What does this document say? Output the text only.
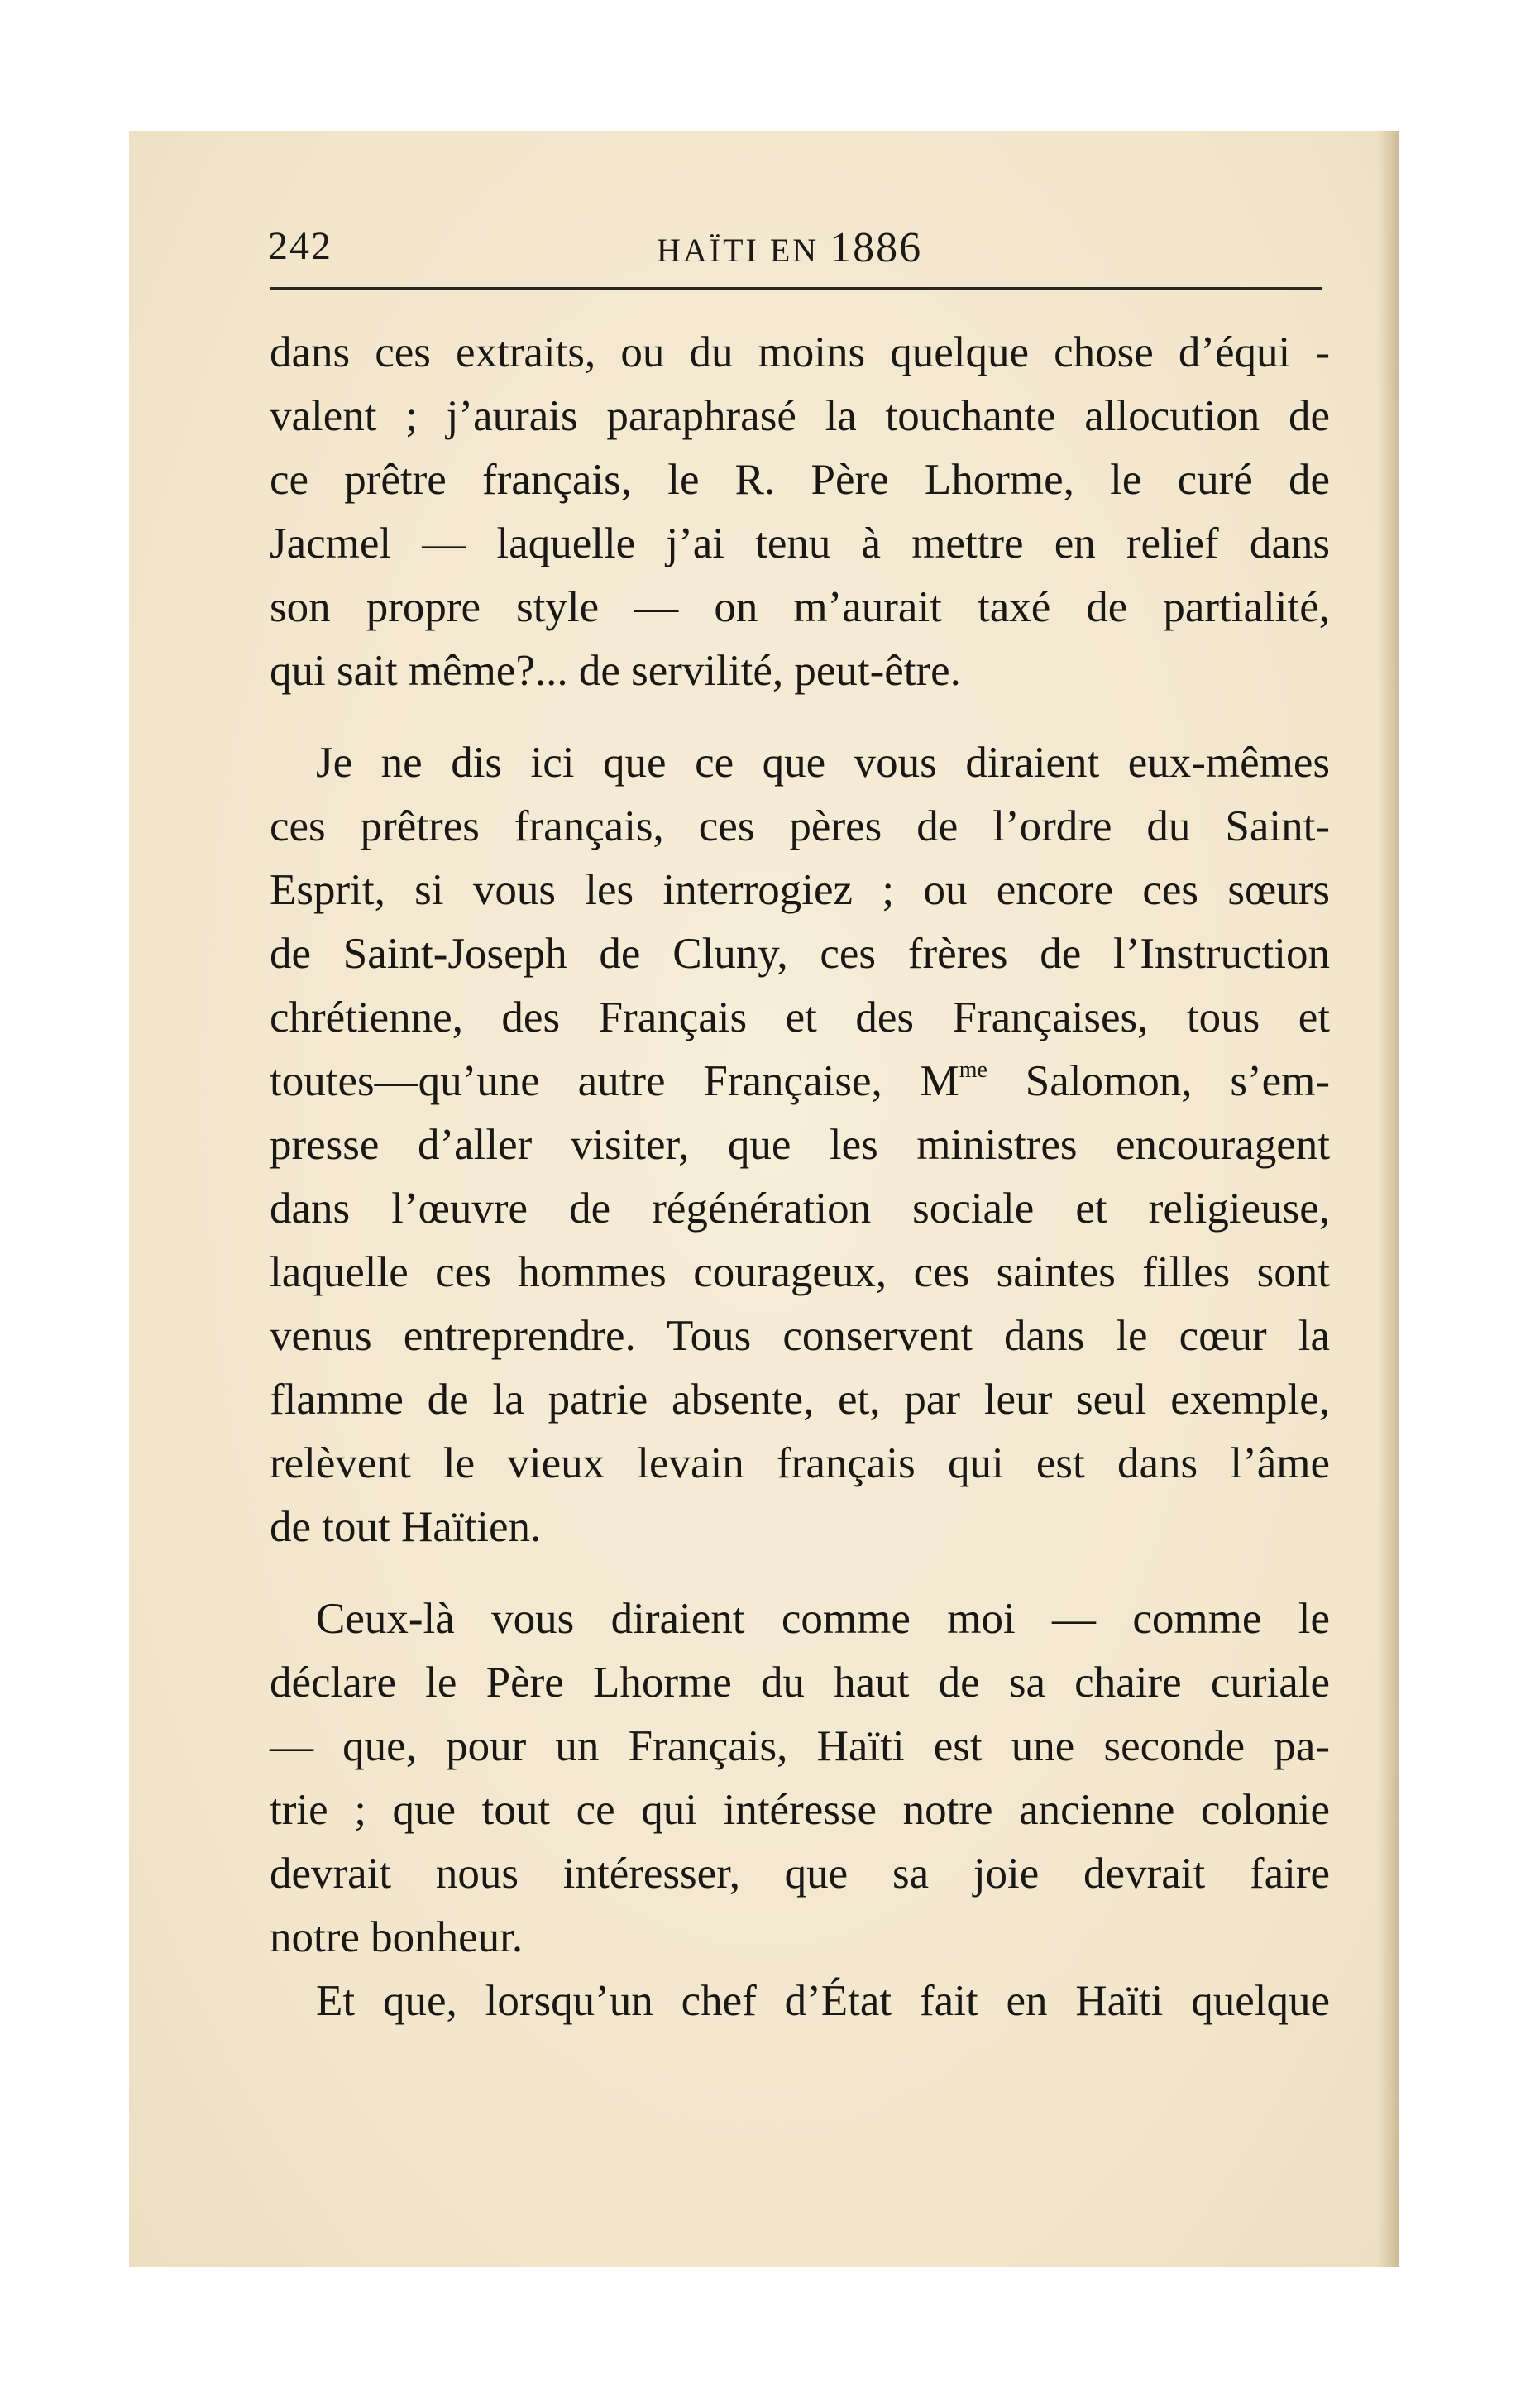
242	HAÏTI EN 1886

dans ces extraits, ou du moins quelque chose d’équi -
valent ; j’aurais paraphrasé la touchante allocution de
ce prêtre français, le R. Père Lhorme, le curé de
Jacmel — laquelle j’ai tenu à mettre en relief dans
son propre style — on m’aurait taxé de partialité,
qui sait même?... de servilité, peut-être.

Je ne dis ici que ce que vous diraient eux-mêmes
ces prêtres français, ces pères de l’ordre du Saint-
Esprit, si vous les interrogiez ; ou encore ces sœurs
de Saint-Joseph de Cluny, ces frères de l’Instruction
chrétienne, des Français et des Françaises, tous et
toutes—qu’une autre Française, $M^{me}$ Salomon, s’em-
presse d’aller visiter, que les ministres encouragent
dans l’œuvre de régénération sociale et religieuse,
laquelle ces hommes courageux, ces saintes filles sont
venus entreprendre. Tous conservent dans le cœur la
flamme de la patrie absente, et, par leur seul exemple,
relèvent le vieux levain français qui est dans l’âme
de tout Haïtien.

Ceux-là vous diraient comme moi — comme le
déclare le Père Lhorme du haut de sa chaire curiale
— que, pour un Français, Haïti est une seconde pa-
trie ; que tout ce qui intéresse notre ancienne colonie
devrait nous intéresser, que sa joie devrait faire
notre bonheur.

Et que, lorsqu’un chef d’État fait en Haïti quelque
